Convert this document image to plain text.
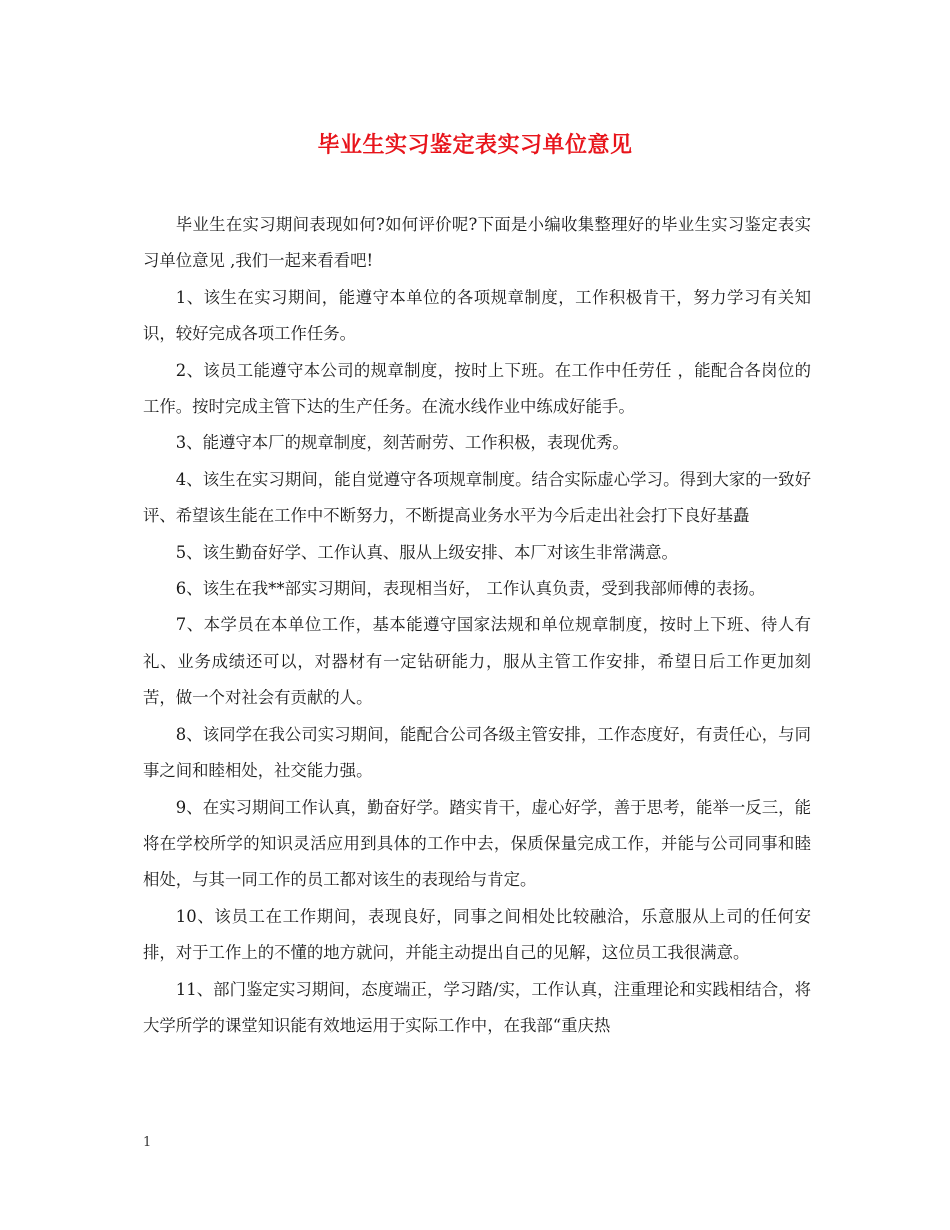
毕业生实习鉴定表实习单位意见

毕业生在实习期间表现如何?如何评价呢?下面是小编收集整理好的毕业生实习鉴定表实习单位意见 ,我们一起来看看吧!

1、该生在实习期间，能遵守本单位的各项规章制度，工作积极肯干，努力学习有关知识，较好完成各项工作任务。

2、该员工能遵守本公司的规章制度，按时上下班。在工作中任劳任 ，能配合各岗位的工作。按时完成主管下达的生产任务。在流水线作业中练成好能手。

3、能遵守本厂的规章制度，刻苦耐劳、工作积极，表现优秀。

4、该生在实习期间，能自觉遵守各项规章制度。结合实际虚心学习。得到大家的一致好评、希望该生能在工作中不断努力，不断提高业务水平为今后走出社会打下良好基矗

5、该生勤奋好学、工作认真、服从上级安排、本厂对该生非常满意。

6、该生在我**部实习期间，表现相当好， 工作认真负责，受到我部师傅的表扬。

7、本学员在本单位工作，基本能遵守国家法规和单位规章制度，按时上下班、待人有礼、业务成绩还可以，对器材有一定钻研能力，服从主管工作安排，希望日后工作更加刻苦，做一个对社会有贡献的人。

8、该同学在我公司实习期间，能配合公司各级主管安排，工作态度好，有责任心，与同事之间和睦相处，社交能力强。

9、在实习期间工作认真，勤奋好学。踏实肯干，虚心好学，善于思考，能举一反三，能将在学校所学的知识灵活应用到具体的工作中去，保质保量完成工作，并能与公司同事和睦相处，与其一同工作的员工都对该生的表现给与肯定。

10、该员工在工作期间，表现良好，同事之间相处比较融洽，乐意服从上司的任何安排，对于工作上的不懂的地方就问，并能主动提出自己的见解，这位员工我很满意。

11、部门鉴定实习期间，态度端正，学习踏/实，工作认真，注重理论和实践相结合，将大学所学的课堂知识能有效地运用于实际工作中，在我部“重庆热

1
